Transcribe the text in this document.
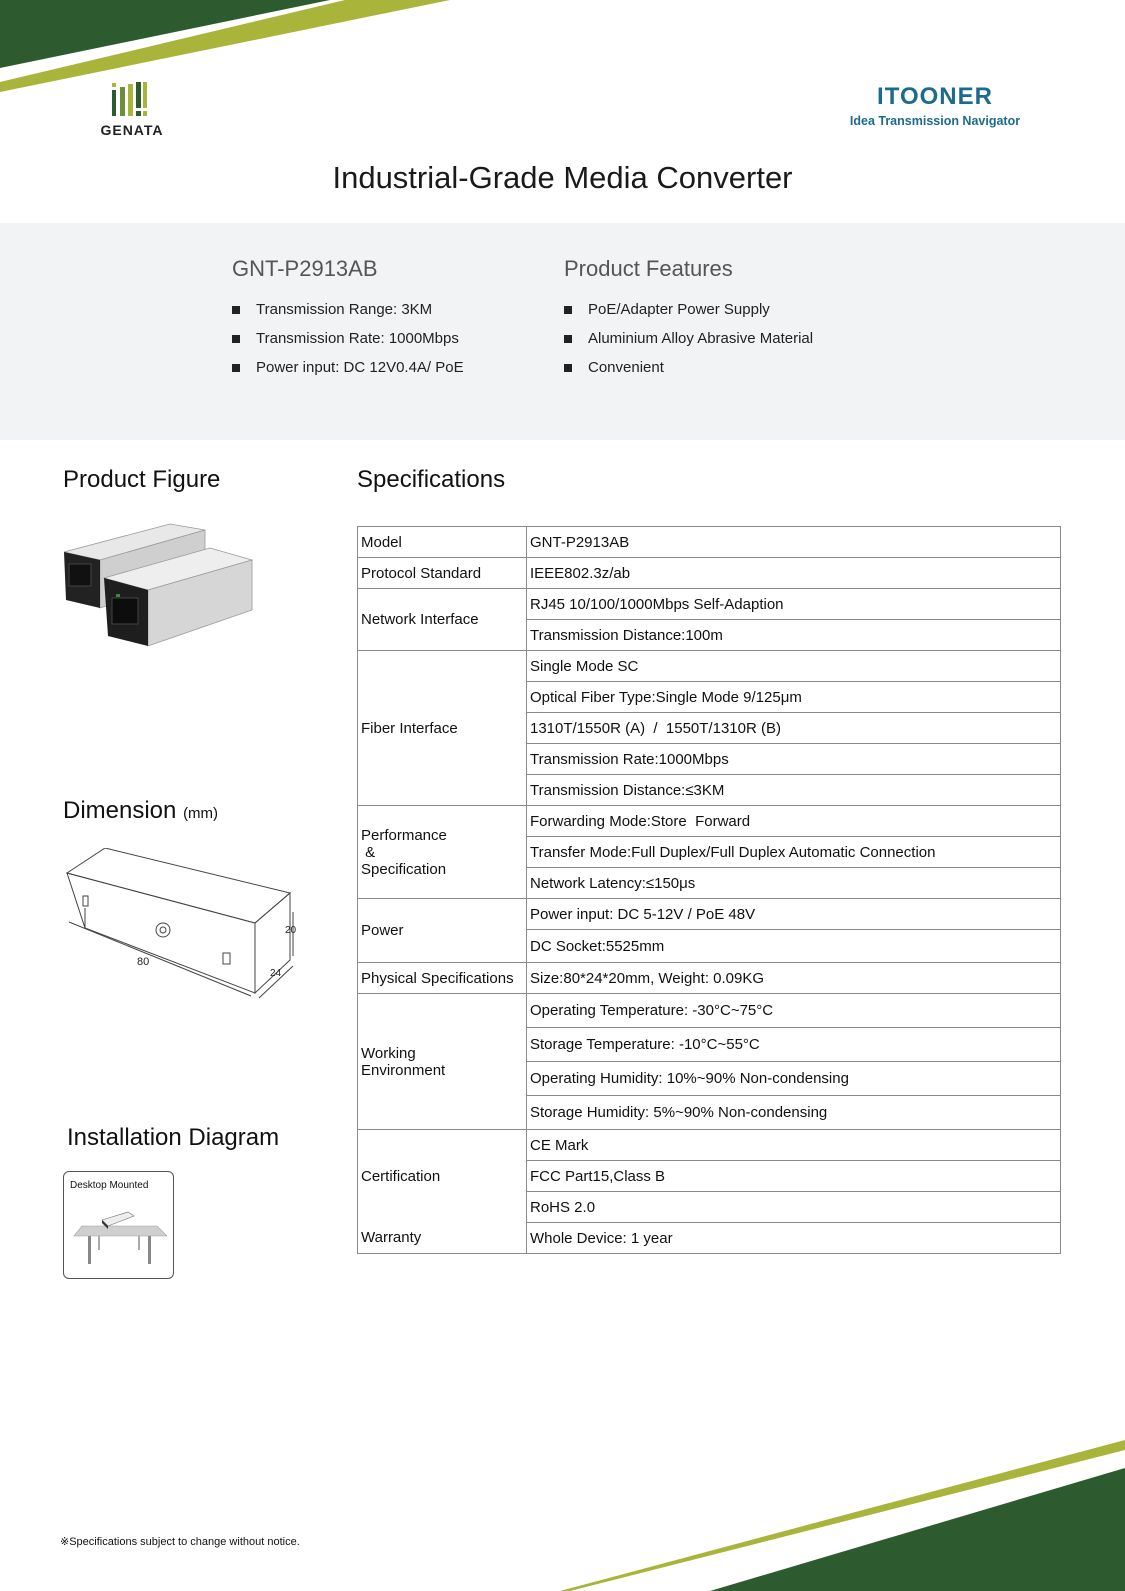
GENATA
ITOONER
Idea Transmission Navigator
Industrial-Grade Media Converter
GNT-P2913AB
Transmission Range: 3KM
Transmission Rate: 1000Mbps
Power input: DC 12V0.4A/ PoE
Product Features
PoE/Adapter Power Supply
Aluminium Alloy Abrasive Material
Convenient
Product Figure
Dimension (mm)
80
24
20
Installation Diagram
Desktop Mounted
Specifications
Model	GNT-P2913AB
Protocol Standard	IEEE802.3z/ab
Network Interface	RJ45 10/100/1000Mbps Self-Adaption
	Transmission Distance:100m
Fiber Interface	Single Mode SC
	Optical Fiber Type:Single Mode 9/125μm
	1310T/1550R (A)  /  1550T/1310R (B)
	Transmission Rate:1000Mbps
	Transmission Distance:≤3KM

Performance
&
Specification	Forwarding Mode:Store  Forward
	Transfer Mode:Full Duplex/Full Duplex Automatic Connection
	Network Latency:≤150μs
Power	Power input: DC 5-12V / PoE 48V
	DC Socket:5525mm
Physical Specifications	Size:80*24*20mm, Weight: 0.09KG

Working
Environment	Operating Temperature: -30°C~75°C
	Storage Temperature: -10°C~55°C
	Operating Humidity: 10%~90% Non-condensing
	Storage Humidity: 5%~90% Non-condensing
Certification	CE Mark
	FCC Part15,Class B
	RoHS 2.0
Warranty	Whole Device: 1 year
※Specifications subject to change without notice.
